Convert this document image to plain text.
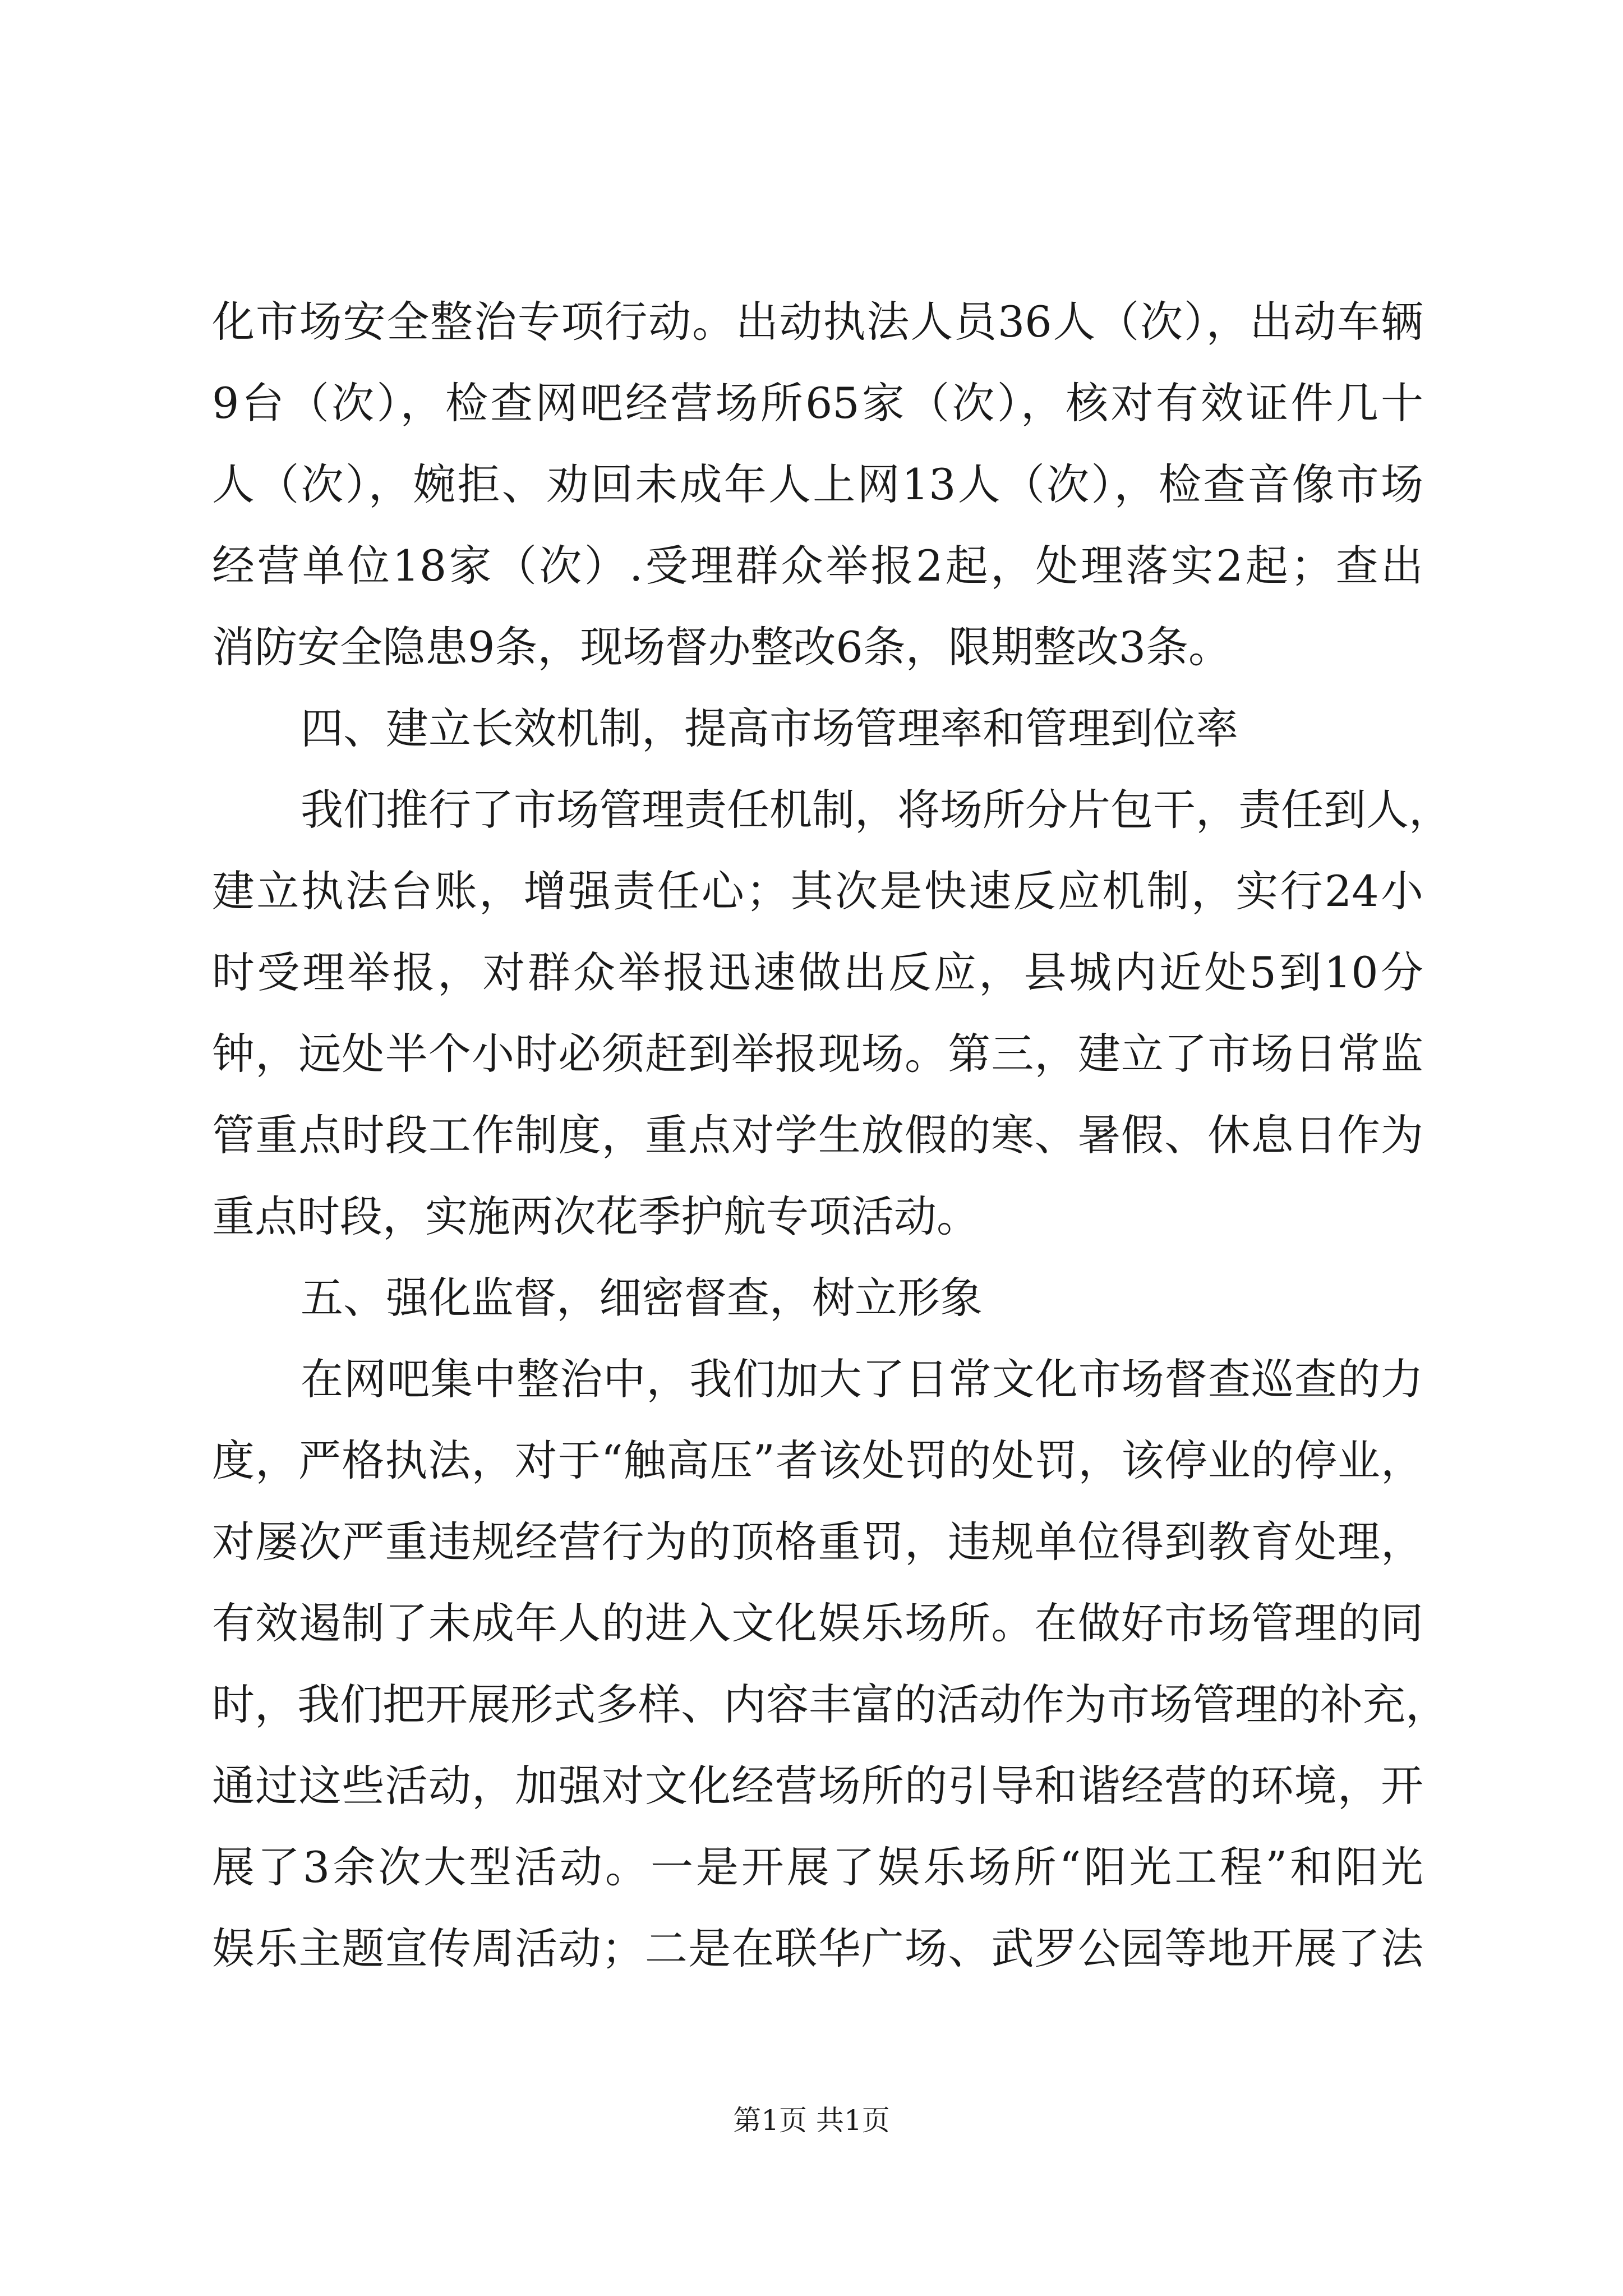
化市场安全整治专项行动。出动执法人员36人（次），出动车辆
9台（次），检查网吧经营场所65家（次），核对有效证件几十
人（次），婉拒、劝回未成年人上网13人（次），检查音像市场
经营单位18家（次）.受理群众举报2起，处理落实2起；查出
消防安全隐患9条，现场督办整改6条，限期整改3条。
四、建立长效机制，提高市场管理率和管理到位率
我们推行了市场管理责任机制，将场所分片包干，责任到人，
建立执法台账，增强责任心；其次是快速反应机制，实行24小
时受理举报，对群众举报迅速做出反应，县城内近处5到10分
钟，远处半个小时必须赶到举报现场。第三，建立了市场日常监
管重点时段工作制度，重点对学生放假的寒、暑假、休息日作为
重点时段，实施两次花季护航专项活动。
五、强化监督，细密督查，树立形象
在网吧集中整治中，我们加大了日常文化市场督查巡查的力
度，严格执法，对于“触高压”者该处罚的处罚，该停业的停业，
对屡次严重违规经营行为的顶格重罚，违规单位得到教育处理，
有效遏制了未成年人的进入文化娱乐场所。在做好市场管理的同
时，我们把开展形式多样、内容丰富的活动作为市场管理的补充，
通过这些活动，加强对文化经营场所的引导和谐经营的环境，开
展了3余次大型活动。一是开展了娱乐场所“阳光工程”和阳光
娱乐主题宣传周活动；二是在联华广场、武罗公园等地开展了法
第1页 共1页
